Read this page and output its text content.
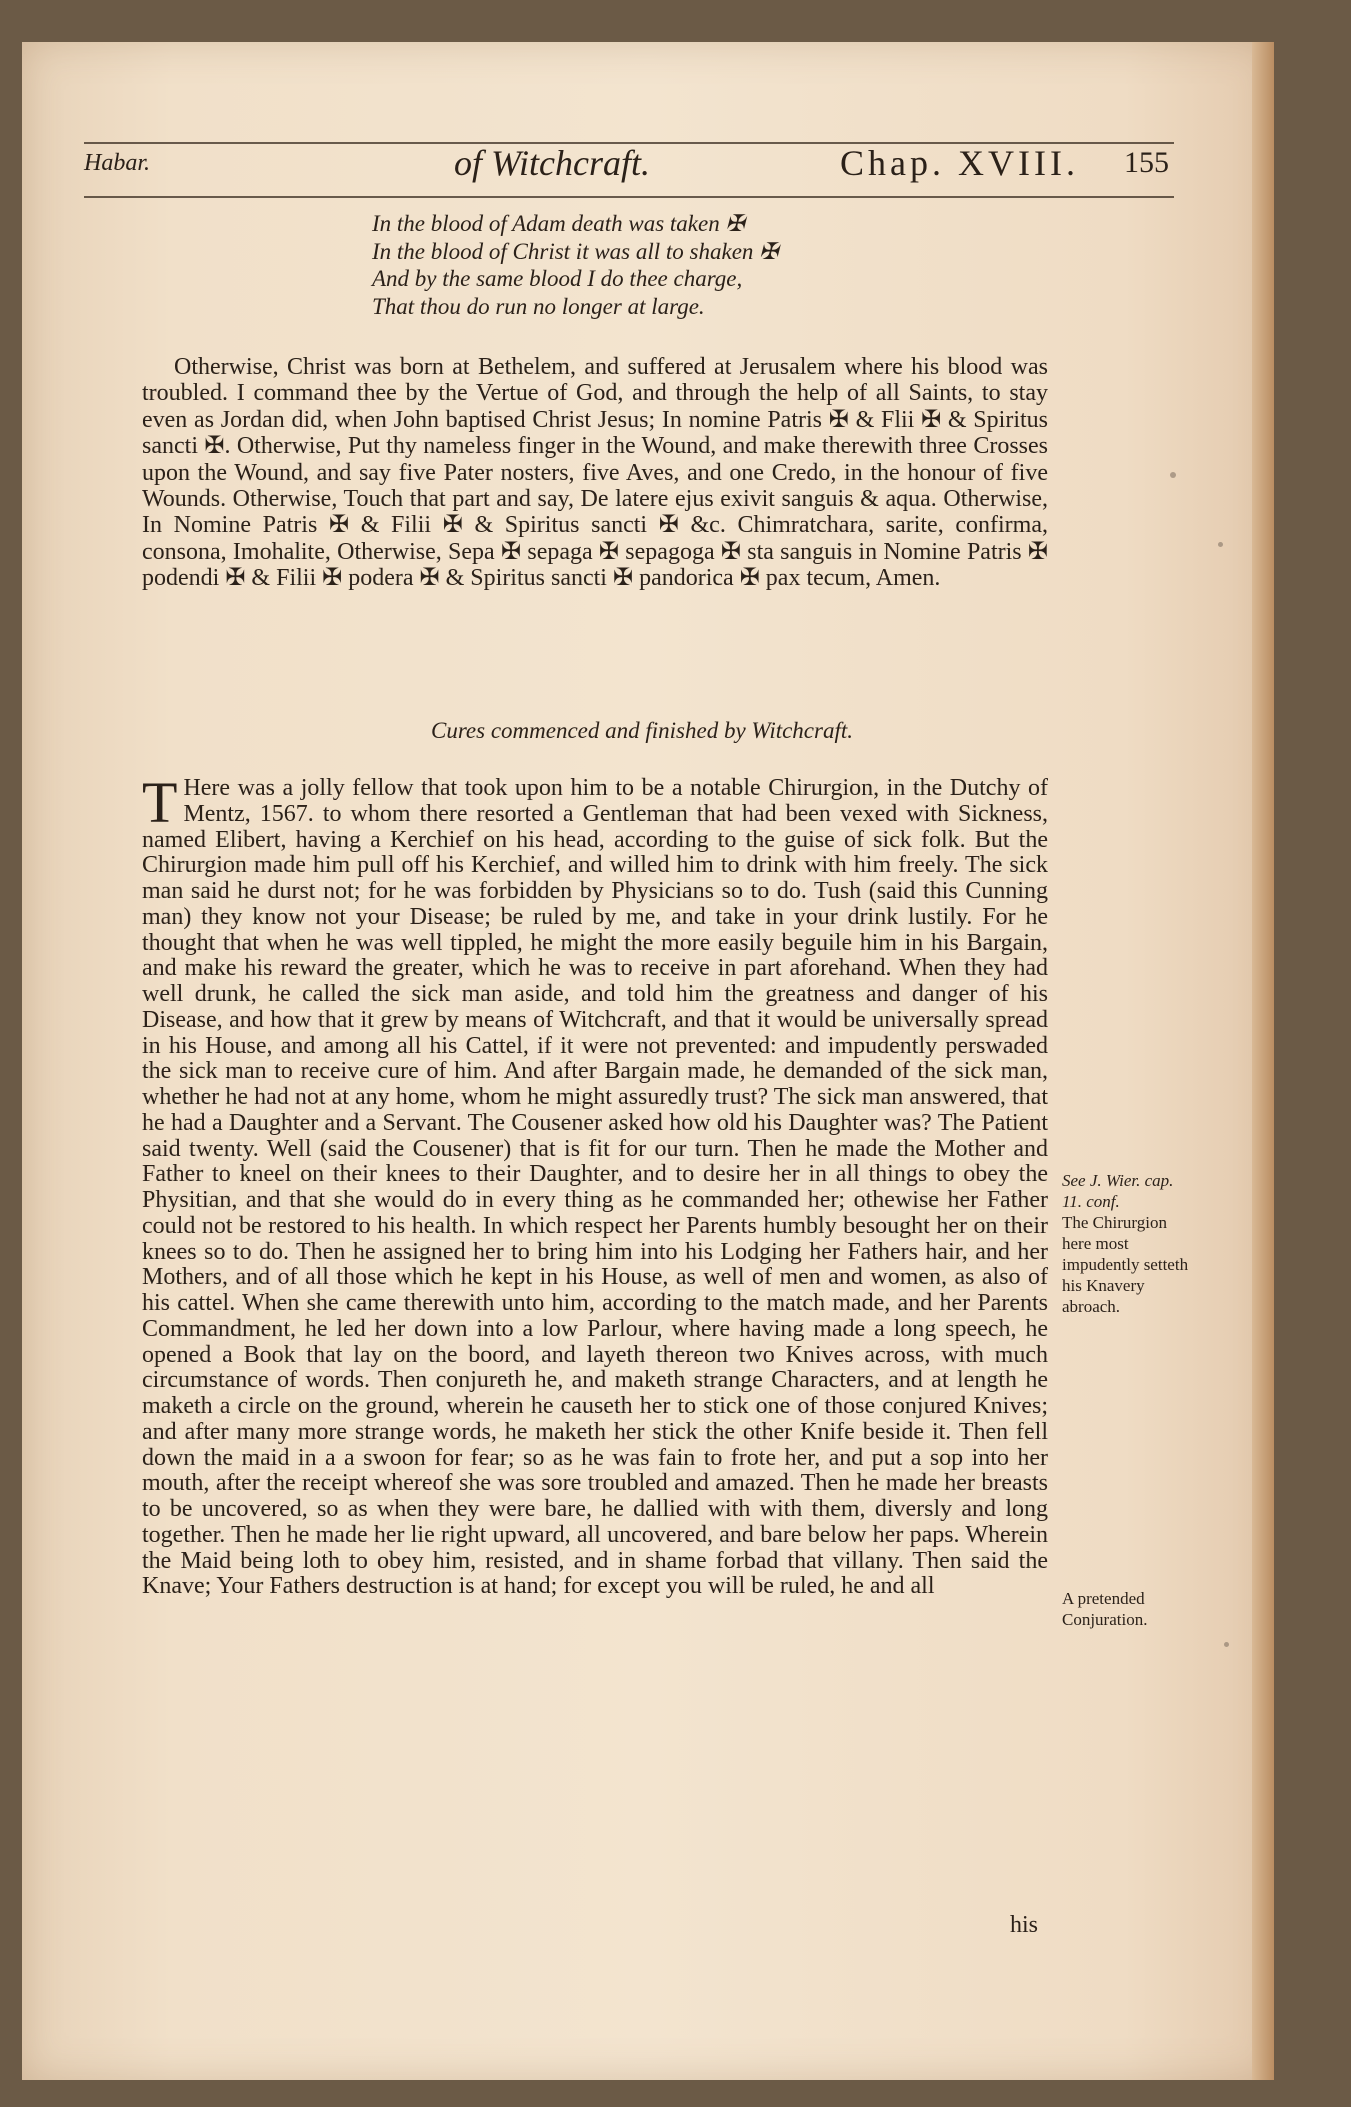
Habar.	of Witchcraft.	Chap. XVIII. 155
In the blood of Adam death was taken ✠
In the blood of Christ it was all to shaken ✠
And by the same blood I do thee charge,
That thou do run no longer at large.
Otherwise, Christ was born at Bethelem, and suffered at Jerusalem where his blood was troubled. I command thee by the Vertue of God, and through the help of all Saints, to stay even as Jordan did, when John baptised Christ Jesus; In nomine Patris ✠ & Flii ✠ & Spiritus sancti ✠. Otherwise, Put thy nameless finger in the Wound, and make therewith three Crosses upon the Wound, and say five Pater nosters, five Aves, and one Credo, in the honour of five Wounds. Otherwise, Touch that part and say, De latere ejus exivit sanguis & aqua. Otherwise, In Nomine Patris ✠ & Filii ✠ & Spiritus sancti ✠ &c. Chimratchara, sarite, confirma, consona, Imohalite, Otherwise, Sepa ✠ sepaga ✠ sepagoga ✠ sta sanguis in Nomine Patris ✠ podendi ✠ & Filii ✠ podera ✠ & Spiritus sancti ✠ pandorica ✠ pax tecum, Amen.
Cures commenced and finished by Witchcraft.
T Here was a jolly fellow that took upon him to be a notable Chirurgion, in the Dutchy of Mentz, 1567. to whom there resorted a Gentleman that had been vexed with Sickness, named Elibert, having a Kerchief on his head, according to the guise of sick folk. But the Chirurgion made him pull off his Kerchief, and willed him to drink with him freely. The sick man said he durst not; for he was forbidden by Physicians so to do. Tush (said this Cunning man) they know not your Disease; be ruled by me, and take in your drink lustily. For he thought that when he was well tippled, he might the more easily beguile him in his Bargain, and make his reward the greater, which he was to receive in part aforehand. When they had well drunk, he called the sick man aside, and told him the greatness and danger of his Disease, and how that it grew by means of Witchcraft, and that it would be universally spread in his House, and among all his Cattel, if it were not prevented: and impudently perswaded the sick man to receive cure of him. And after Bargain made, he demanded of the sick man, whether he had not at any home, whom he might assuredly trust? The sick man answered, that he had a Daughter and a Servant. The Cousener asked how old his Daughter was? The Patient said twenty. Well (said the Cousener) that is fit for our turn. Then he made the Mother and Father to kneel on their knees to their Daughter, and to desire her in all things to obey the Physitian, and that she would do in every thing as he commanded her; othewise her Father could not be restored to his health. In which respect her Parents humbly besought her on their knees so to do. Then he assigned her to bring him into his Lodging her Fathers hair, and her Mothers, and of all those which he kept in his House, as well of men and women, as also of his cattel. When she came therewith unto him, according to the match made, and her Parents Commandment, he led her down into a low Parlour, where having made a long speech, he opened a Book that lay on the boord, and layeth thereon two Knives across, with much circumstance of words. Then conjureth he, and maketh strange Characters, and at length he maketh a circle on the ground, wherein he causeth her to stick one of those conjured Knives; and after many more strange words, he maketh her stick the other Knife beside it. Then fell down the maid in a a swoon for fear; so as he was fain to frote her, and put a sop into her mouth, after the receipt whereof she was sore troubled and amazed. Then he made her breasts to be uncovered, so as when they were bare, he dallied with with them, diversly and long together. Then he made her lie right upward, all uncovered, and bare below her paps. Wherein the Maid being loth to obey him, resisted, and in shame forbad that villany. Then said the Knave; Your Fathers destruction is at hand; for except you will be ruled, he and all
his
See J. Wier. cap. 11. conf.
The Chirurgion here most impudently setteth his Knavery abroach.
A pretended Conjuration.
